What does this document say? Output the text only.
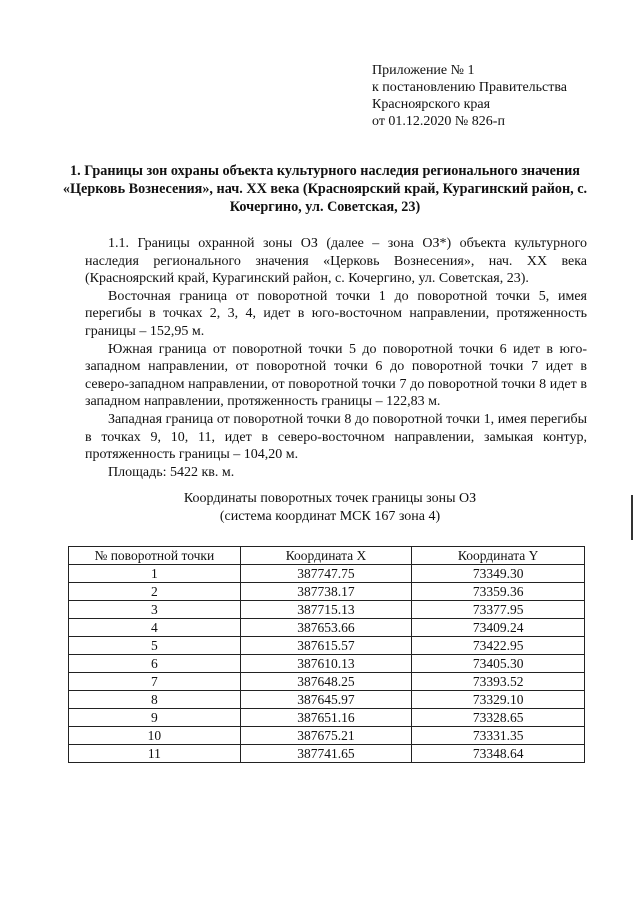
Приложение № 1
к постановлению Правительства
Красноярского края
от 01.12.2020 № 826-п
1. Границы зон охраны объекта культурного наследия регионального значения «Церковь Вознесения», нач. XX века (Красноярский край, Курагинский район, с. Кочергино, ул. Советская, 23)

1.1. Границы охранной зоны ОЗ (далее – зона ОЗ*) объекта культурного наследия регионального значения «Церковь Вознесения», нач. XX века (Красноярский край, Курагинский район, с. Кочергино, ул. Советская, 23).

Восточная граница от поворотной точки 1 до поворотной точки 5, имея перегибы в точках 2, 3, 4, идет в юго-восточном направлении, протяженность границы – 152,95 м.

Южная граница от поворотной точки 5 до поворотной точки 6 идет в юго-западном направлении, от поворотной точки 6 до поворотной точки 7 идет в северо-западном направлении, от поворотной точки 7 до поворотной точки 8 идет в западном направлении, протяженность границы – 122,83 м.

Западная граница от поворотной точки 8 до поворотной точки 1, имея перегибы в точках 9, 10, 11, идет в северо-восточном направлении, замыкая контур, протяженность границы – 104,20 м.

Площадь: 5422 кв. м.

Координаты поворотных точек границы зоны ОЗ
(система координат МСК 167 зона 4)
№ поворотной точки	Координата X	Координата Y
1	387747.75	73349.30
2	387738.17	73359.36
3	387715.13	73377.95
4	387653.66	73409.24
5	387615.57	73422.95
6	387610.13	73405.30
7	387648.25	73393.52
8	387645.97	73329.10
9	387651.16	73328.65
10	387675.21	73331.35
11	387741.65	73348.64
